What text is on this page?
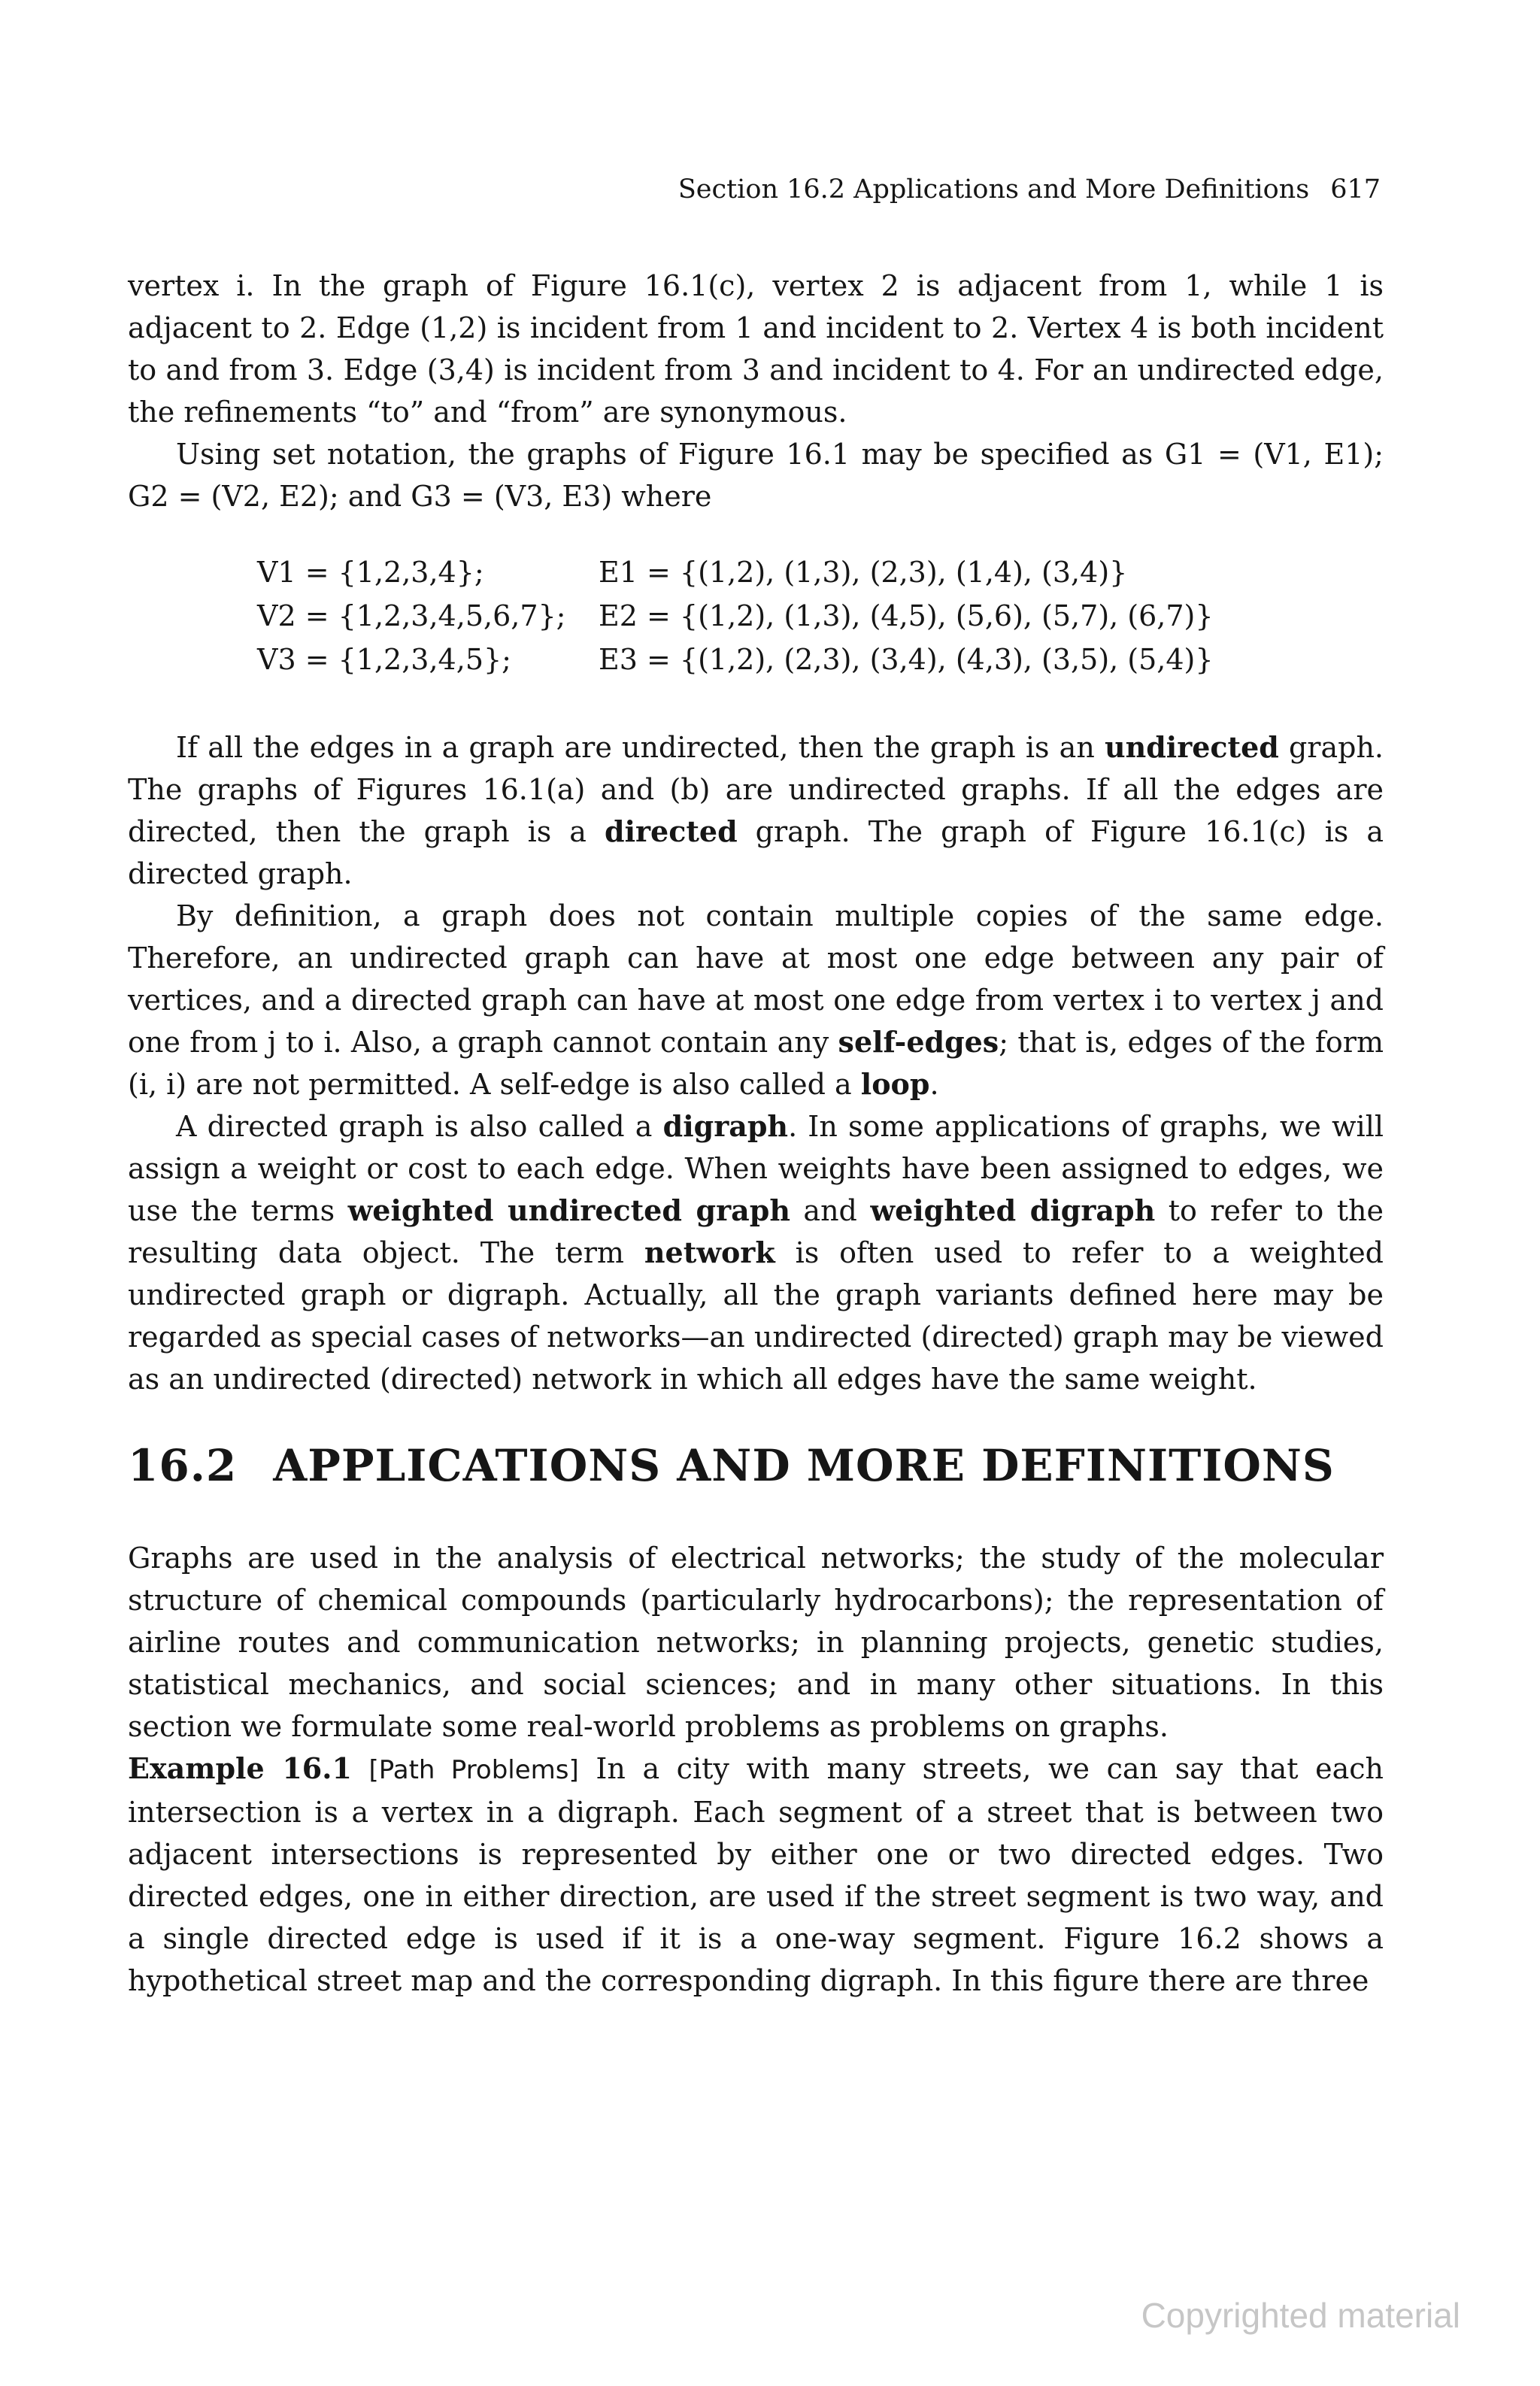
Section 16.2 Applications and More Definitions 617

vertex i. In the graph of Figure 16.1(c), vertex 2 is adjacent from 1, while 1 is adjacent to 2. Edge (1,2) is incident from 1 and incident to 2. Vertex 4 is both incident to and from 3. Edge (3,4) is incident from 3 and incident to 4. For an undirected edge, the refinements “to” and “from” are synonymous.

Using set notation, the graphs of Figure 16.1 may be specified as G1 = (V1, E1); G2 = (V2, E2); and G3 = (V3, E3) where

V1 = {1,2,3,4};	E1 = {(1,2), (1,3), (2,3), (1,4), (3,4)}
V2 = {1,2,3,4,5,6,7};	E2 = {(1,2), (1,3), (4,5), (5,6), (5,7), (6,7)}
V3 = {1,2,3,4,5};	E3 = {(1,2), (2,3), (3,4), (4,3), (3,5), (5,4)}

If all the edges in a graph are undirected, then the graph is an undirected graph. The graphs of Figures 16.1(a) and (b) are undirected graphs. If all the edges are directed, then the graph is a directed graph. The graph of Figure 16.1(c) is a directed graph.

By definition, a graph does not contain multiple copies of the same edge. Therefore, an undirected graph can have at most one edge between any pair of vertices, and a directed graph can have at most one edge from vertex i to vertex j and one from j to i. Also, a graph cannot contain any self-edges; that is, edges of the form (i, i) are not permitted. A self-edge is also called a loop.

A directed graph is also called a digraph. In some applications of graphs, we will assign a weight or cost to each edge. When weights have been assigned to edges, we use the terms weighted undirected graph and weighted digraph to refer to the resulting data object. The term network is often used to refer to a weighted undirected graph or digraph. Actually, all the graph variants defined here may be regarded as special cases of networks—an undirected (directed) graph may be viewed as an undirected (directed) network in which all edges have the same weight.

16.2 APPLICATIONS AND MORE DEFINITIONS

Graphs are used in the analysis of electrical networks; the study of the molecular structure of chemical compounds (particularly hydrocarbons); the representation of airline routes and communication networks; in planning projects, genetic studies, statistical mechanics, and social sciences; and in many other situations. In this section we formulate some real-world problems as problems on graphs.

Example 16.1 [Path Problems] In a city with many streets, we can say that each intersection is a vertex in a digraph. Each segment of a street that is between two adjacent intersections is represented by either one or two directed edges. Two directed edges, one in either direction, are used if the street segment is two way, and a single directed edge is used if it is a one-way segment. Figure 16.2 shows a hypothetical street map and the corresponding digraph. In this figure there are three

Copyrighted material
